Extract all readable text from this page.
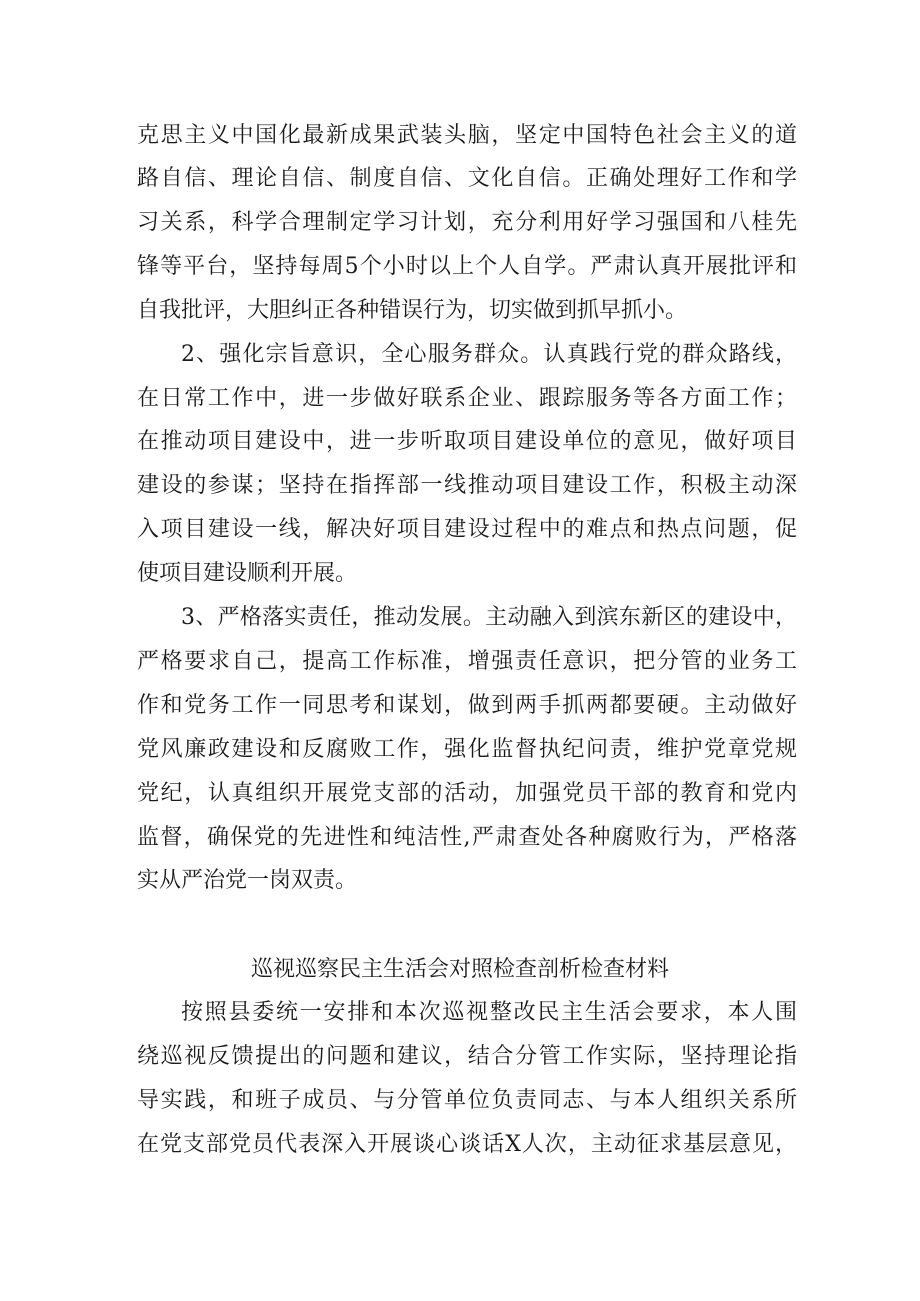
克思主义中国化最新成果武装头脑，坚定中国特色社会主义的道
路自信、理论自信、制度自信、文化自信。正确处理好工作和学
习关系，科学合理制定学习计划，充分利用好学习强国和八桂先
锋等平台，坚持每周5个小时以上个人自学。严肃认真开展批评和
自我批评，大胆纠正各种错误行为，切实做到抓早抓小。
2、强化宗旨意识，全心服务群众。认真践行党的群众路线，
在日常工作中，进一步做好联系企业、跟踪服务等各方面工作；
在推动项目建设中，进一步听取项目建设单位的意见，做好项目
建设的参谋；坚持在指挥部一线推动项目建设工作，积极主动深
入项目建设一线，解决好项目建设过程中的难点和热点问题，促
使项目建设顺利开展。
3、严格落实责任，推动发展。主动融入到滨东新区的建设中，
严格要求自己，提高工作标准，增强责任意识，把分管的业务工
作和党务工作一同思考和谋划，做到两手抓两都要硬。主动做好
党风廉政建设和反腐败工作，强化监督执纪问责，维护党章党规
党纪，认真组织开展党支部的活动，加强党员干部的教育和党内
监督，确保党的先进性和纯洁性,严肃查处各种腐败行为，严格落
实从严治党一岗双责。
巡视巡察民主生活会对照检查剖析检查材料
按照县委统一安排和本次巡视整改民主生活会要求，本人围
绕巡视反馈提出的问题和建议，结合分管工作实际，坚持理论指
导实践，和班子成员、与分管单位负责同志、与本人组织关系所
在党支部党员代表深入开展谈心谈话X人次，主动征求基层意见，
